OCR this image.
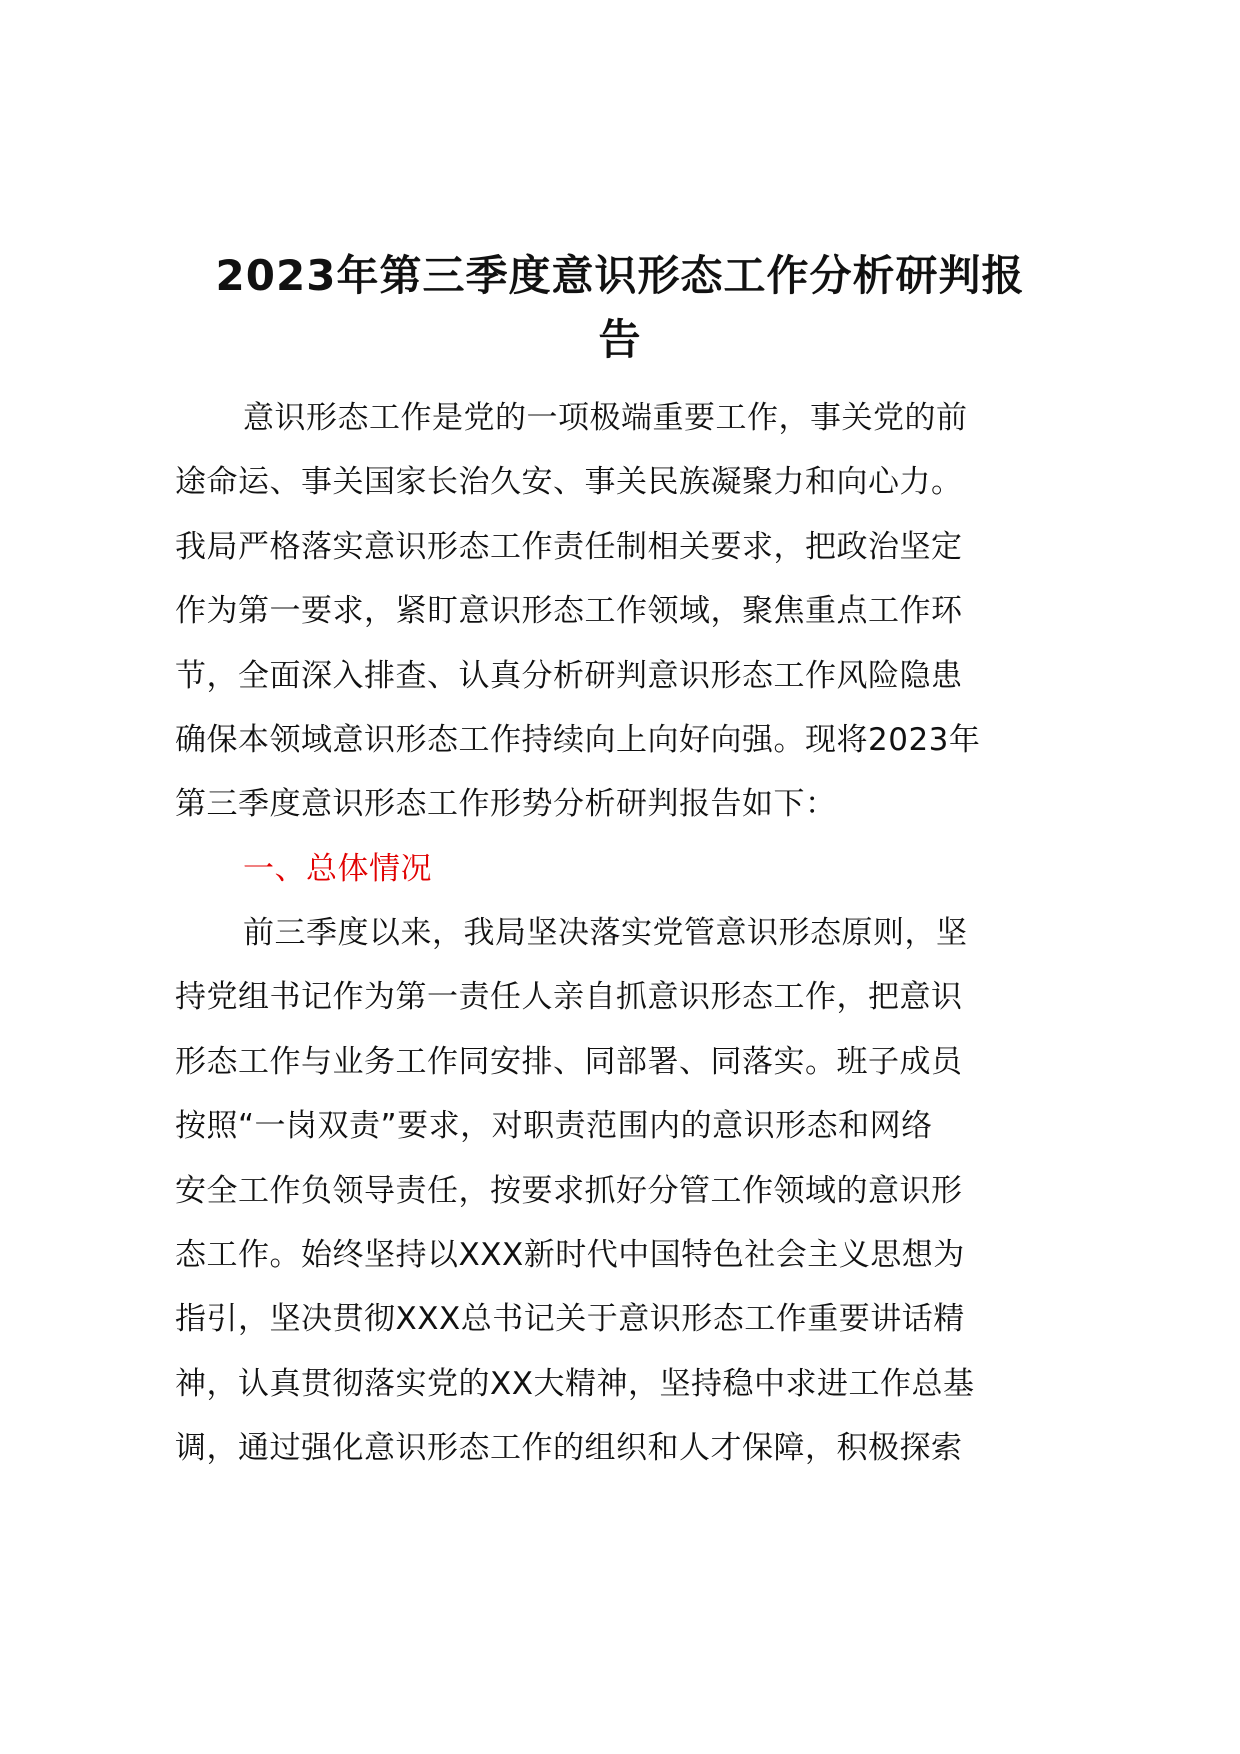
2023年第三季度意识形态工作分析研判报
告
意识形态工作是党的一项极端重要工作，事关党的前
途命运、事关国家长治久安、事关民族凝聚力和向心力。
我局严格落实意识形态工作责任制相关要求，把政治坚定
作为第一要求，紧盯意识形态工作领域，聚焦重点工作环
节，全面深入排查、认真分析研判意识形态工作风险隐患
确保本领域意识形态工作持续向上向好向强。现将2023年
第三季度意识形态工作形势分析研判报告如下：
一、总体情况
前三季度以来，我局坚决落实党管意识形态原则，坚
持党组书记作为第一责任人亲自抓意识形态工作，把意识
形态工作与业务工作同安排、同部署、同落实。班子成员
按照“一岗双责”要求，对职责范围内的意识形态和网络
安全工作负领导责任，按要求抓好分管工作领域的意识形
态工作。始终坚持以XXX新时代中国特色社会主义思想为
指引，坚决贯彻XXX总书记关于意识形态工作重要讲话精
神，认真贯彻落实党的XX大精神，坚持稳中求进工作总基
调，通过强化意识形态工作的组织和人才保障，积极探索
